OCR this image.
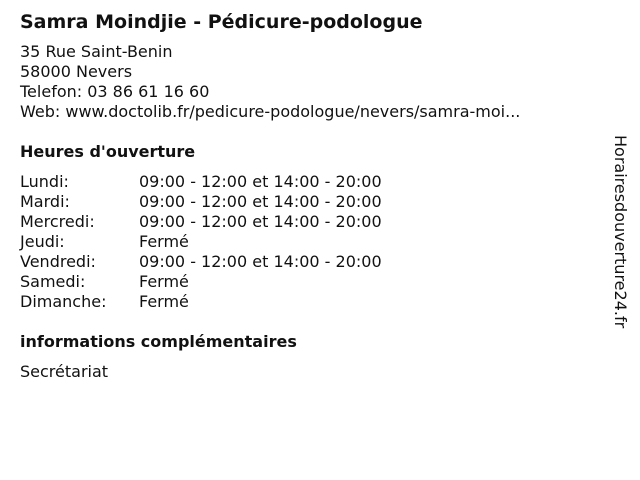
Samra Moindjie - Pédicure-podologue
35 Rue Saint-Benin
58000 Nevers
Telefon: 03 86 61 16 60
Web: www.doctolib.fr/pedicure-podologue/nevers/samra-moi...
Heures d'ouverture
Lundi:	09:00 - 12:00 et 14:00 - 20:00
Mardi:	09:00 - 12:00 et 14:00 - 20:00
Mercredi:	09:00 - 12:00 et 14:00 - 20:00
Jeudi:	Fermé
Vendredi:	09:00 - 12:00 et 14:00 - 20:00
Samedi:	Fermé
Dimanche:	Fermé
informations complémentaires
Secrétariat
Horairesdouverture24.fr
